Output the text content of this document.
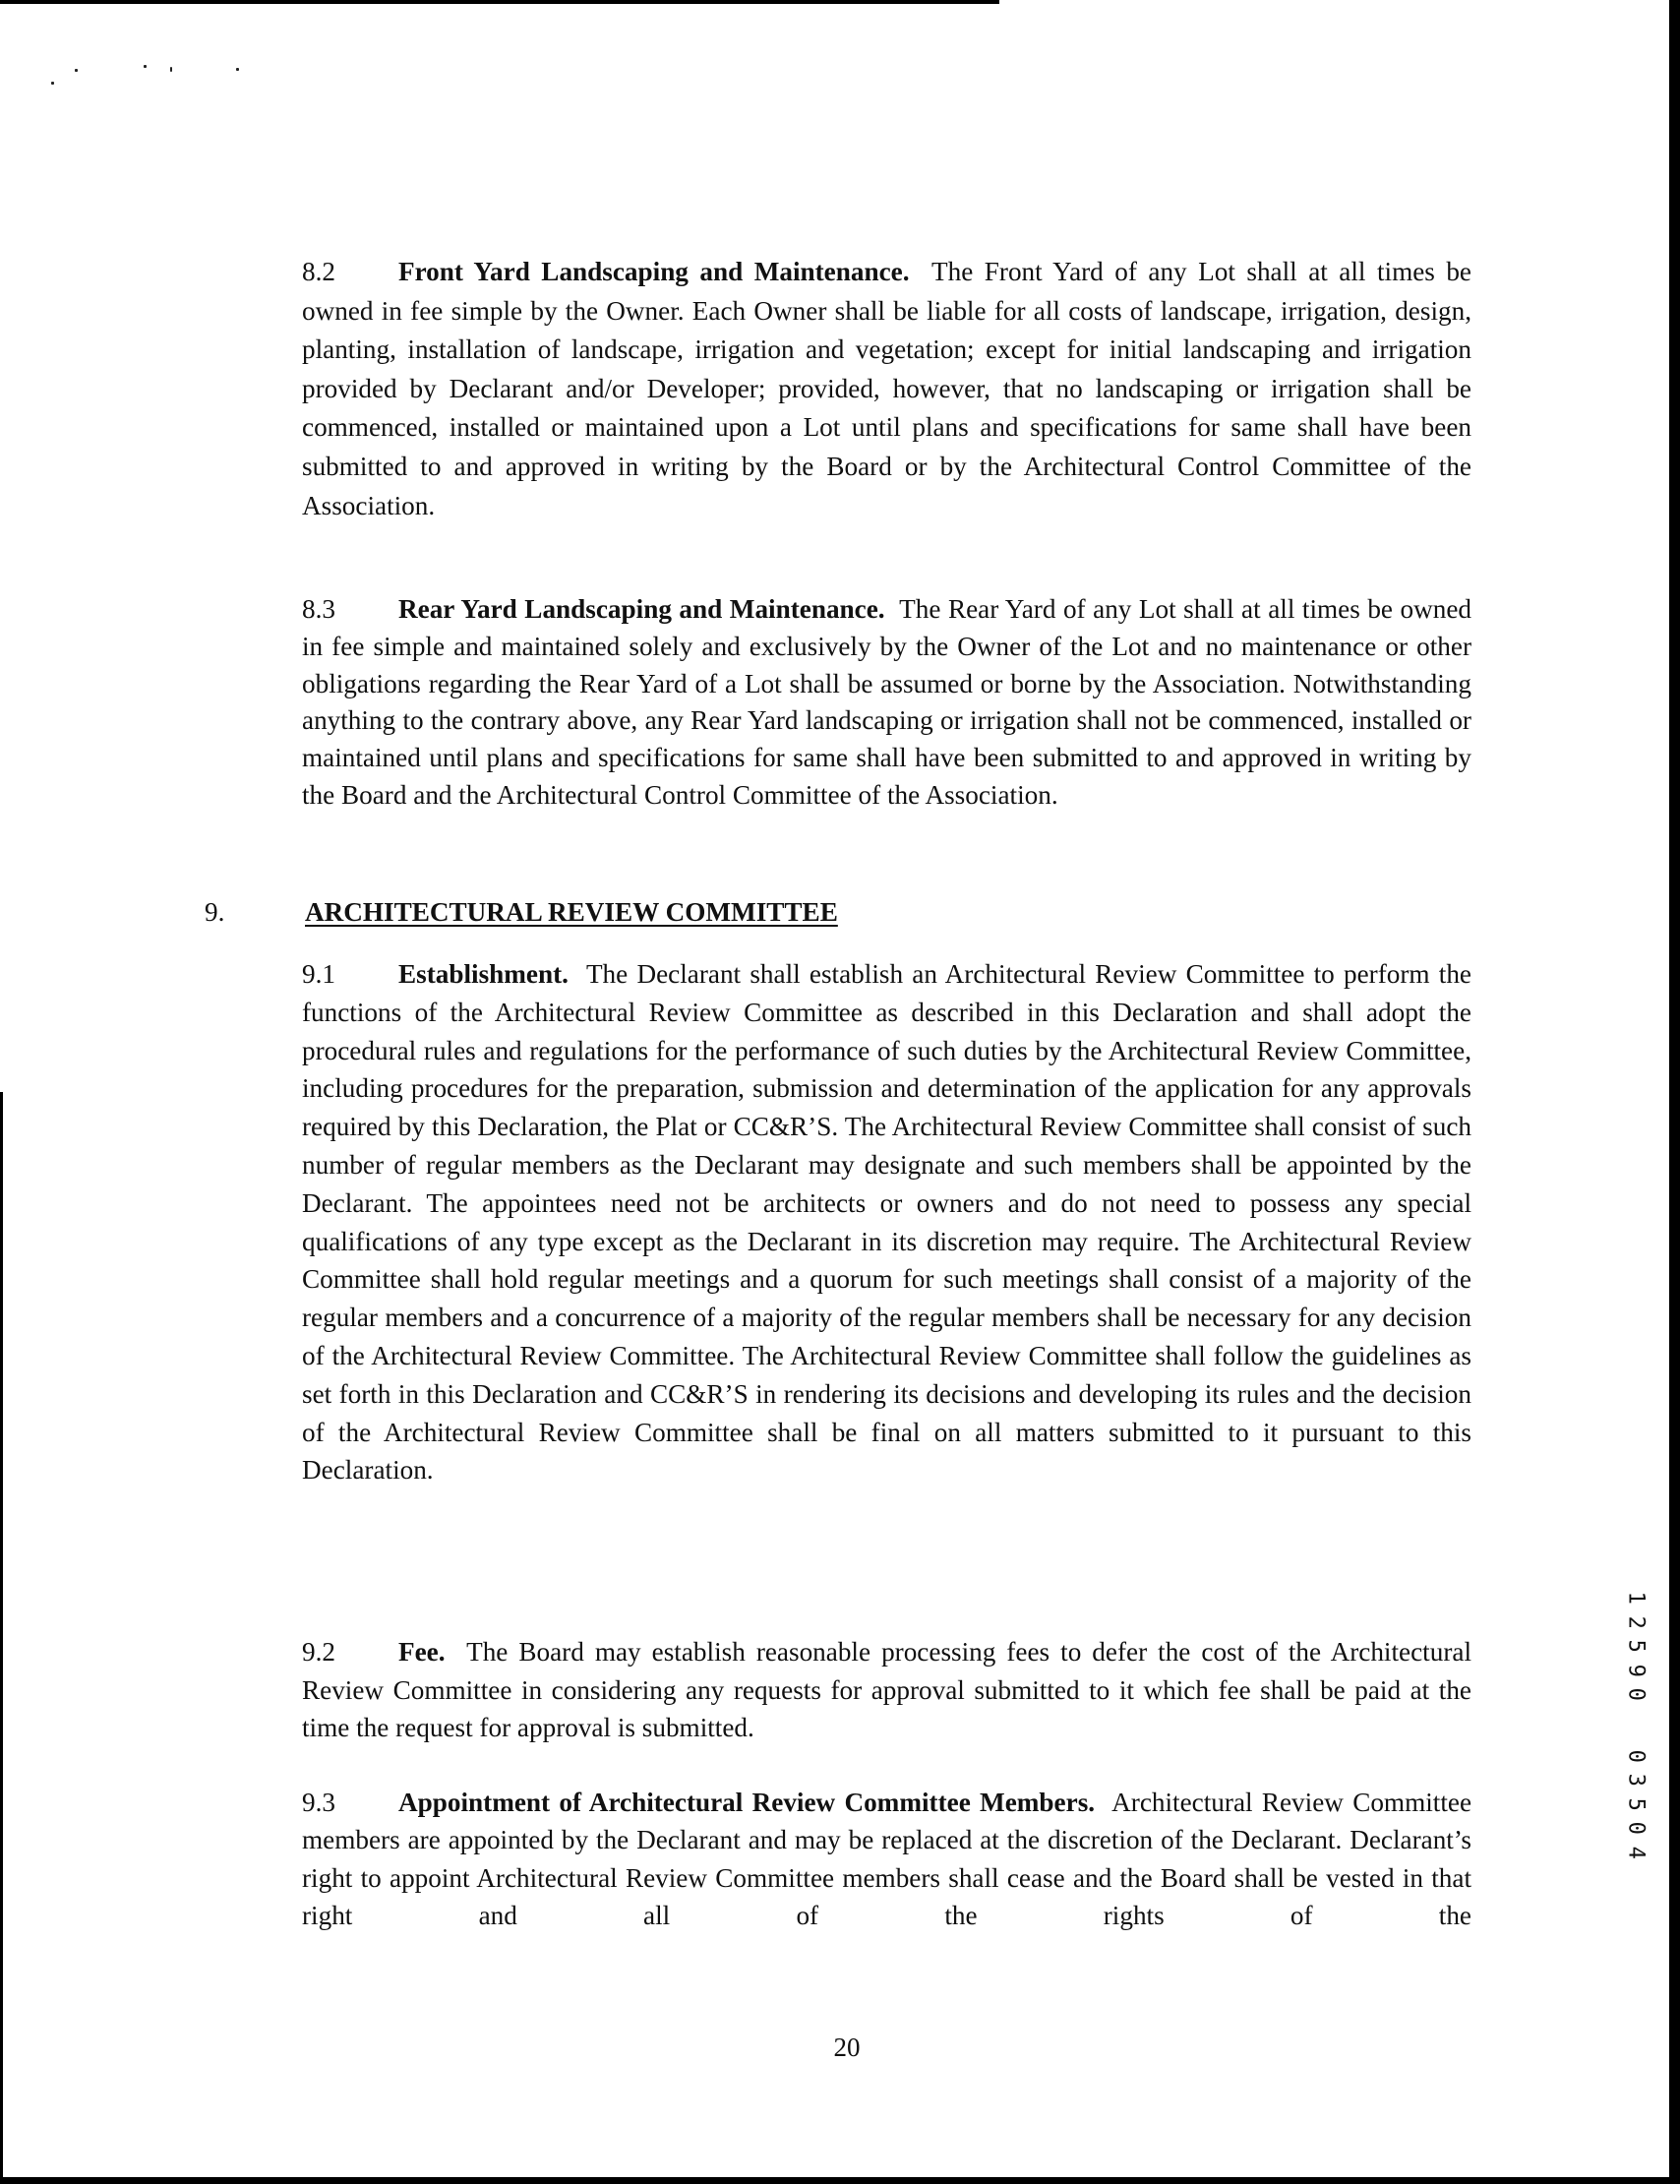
8.2 Front Yard Landscaping and Maintenance. The Front Yard of any Lot shall at all times be owned in fee simple by the Owner. Each Owner shall be liable for all costs of landscape, irrigation, design, planting, installation of landscape, irrigation and vegetation; except for initial landscaping and irrigation provided by Declarant and/or Developer; provided, however, that no landscaping or irrigation shall be commenced, installed or maintained upon a Lot until plans and specifications for same shall have been submitted to and approved in writing by the Board or by the Architectural Control Committee of the Association.
8.3 Rear Yard Landscaping and Maintenance. The Rear Yard of any Lot shall at all times be owned in fee simple and maintained solely and exclusively by the Owner of the Lot and no maintenance or other obligations regarding the Rear Yard of a Lot shall be assumed or borne by the Association. Notwithstanding anything to the contrary above, any Rear Yard landscaping or irrigation shall not be commenced, installed or maintained until plans and specifications for same shall have been submitted to and approved in writing by the Board and the Architectural Control Committee of the Association.
9.	ARCHITECTURAL REVIEW COMMITTEE
9.1 Establishment. The Declarant shall establish an Architectural Review Committee to perform the functions of the Architectural Review Committee as described in this Declaration and shall adopt the procedural rules and regulations for the performance of such duties by the Architectural Review Committee, including procedures for the preparation, submission and determination of the application for any approvals required by this Declaration, the Plat or CC&R’S. The Architectural Review Committee shall consist of such number of regular members as the Declarant may designate and such members shall be appointed by the Declarant. The appointees need not be architects or owners and do not need to possess any special qualifications of any type except as the Declarant in its discretion may require. The Architectural Review Committee shall hold regular meetings and a quorum for such meetings shall consist of a majority of the regular members and a concurrence of a majority of the regular members shall be necessary for any decision of the Architectural Review Committee. The Architectural Review Committee shall follow the guidelines as set forth in this Declaration and CC&R’S in rendering its decisions and developing its rules and the decision of the Architectural Review Committee shall be final on all matters submitted to it pursuant to this Declaration.
9.2 Fee. The Board may establish reasonable processing fees to defer the cost of the Architectural Review Committee in considering any requests for approval submitted to it which fee shall be paid at the time the request for approval is submitted.
9.3 Appointment of Architectural Review Committee Members. Architectural Review Committee members are appointed by the Declarant and may be replaced at the discretion of the Declarant. Declarant’s right to appoint Architectural Review Committee members shall cease and the Board shall be vested in that right and all of the rights of the
20
1
2
5
9
0
0
3
5
0
4
